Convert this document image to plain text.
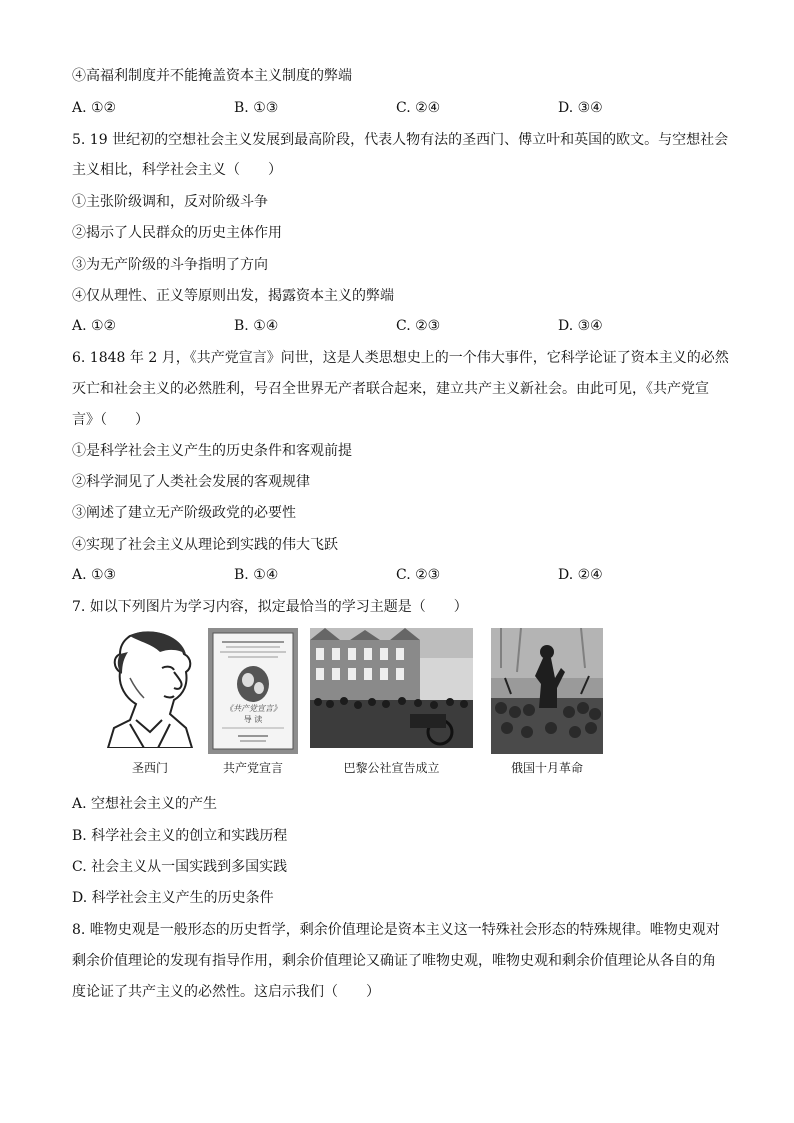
④高福利制度并不能掩盖资本主义制度的弊端
A. ①②	B. ①③	C. ②④	D. ③④
5. 19 世纪初的空想社会主义发展到最高阶段，代表人物有法的圣西门、傅立叶和英国的欧文。与空想社会
主义相比，科学社会主义（　　）
①主张阶级调和，反对阶级斗争
②揭示了人民群众的历史主体作用
③为无产阶级的斗争指明了方向
④仅从理性、正义等原则出发，揭露资本主义的弊端
A. ①②	B. ①④	C. ②③	D. ③④
6. 1848 年 2 月，《共产党宣言》问世，这是人类思想史上的一个伟大事件，它科学论证了资本主义的必然
灭亡和社会主义的必然胜利，号召全世界无产者联合起来，建立共产主义新社会。由此可见，《共产党宣
言》（　　）
①是科学社会主义产生的历史条件和客观前提
②科学洞见了人类社会发展的客观规律
③阐述了建立无产阶级政党的必要性
④实现了社会主义从理论到实践的伟大飞跃
A. ①③	B. ①④	C. ②③	D. ②④
7. 如以下列图片为学习内容，拟定最恰当的学习主题是（　　）
《共产党宣言》
导 读
圣西门	共产党宣言	巴黎公社宣告成立	俄国十月革命
A. 空想社会主义的产生
B. 科学社会主义的创立和实践历程
C. 社会主义从一国实践到多国实践
D. 科学社会主义产生的历史条件
8. 唯物史观是一般形态的历史哲学，剩余价值理论是资本主义这一特殊社会形态的特殊规律。唯物史观对
剩余价值理论的发现有指导作用，剩余价值理论又确证了唯物史观，唯物史观和剩余价值理论从各自的角
度论证了共产主义的必然性。这启示我们（　　）
